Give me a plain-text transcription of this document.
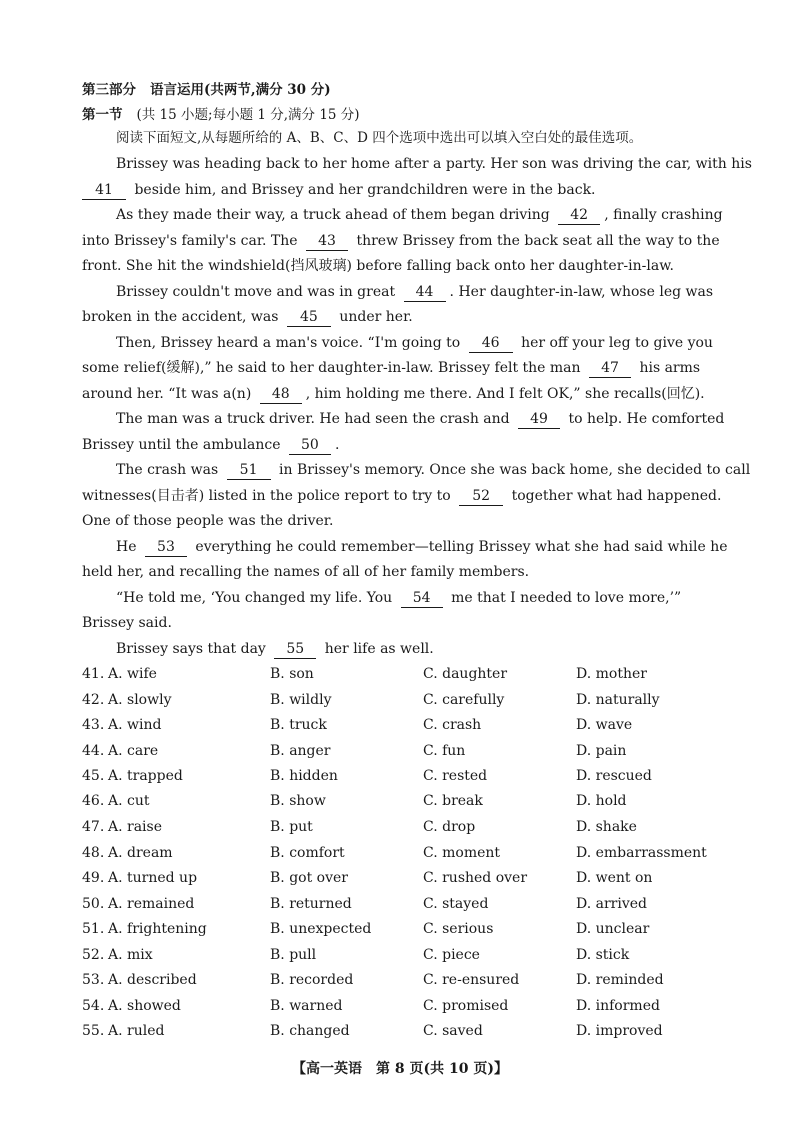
第三部分 语言运用(共两节,满分 30 分)
第一节 (共 15 小题;每小题 1 分,满分 15 分)
阅读下面短文,从每题所给的 A、B、C、D 四个选项中选出可以填入空白处的最佳选项。
Brissey was heading back to her home after a party. Her son was driving the car, with his
41 beside him, and Brissey and her grandchildren were in the back.
As they made their way, a truck ahead of them began driving 42 , finally crashing
into Brissey's family's car. The 43 threw Brissey from the back seat all the way to the
front. She hit the windshield(挡风玻璃) before falling back onto her daughter-in-law.
Brissey couldn't move and was in great 44 . Her daughter-in-law, whose leg was
broken in the accident, was 45 under her.
Then, Brissey heard a man's voice. “I'm going to 46 her off your leg to give you
some relief(缓解),” he said to her daughter-in-law. Brissey felt the man 47 his arms
around her. “It was a(n) 48 , him holding me there. And I felt OK,” she recalls(回忆).
The man was a truck driver. He had seen the crash and 49 to help. He comforted
Brissey until the ambulance 50 .
The crash was 51 in Brissey's memory. Once she was back home, she decided to call
witnesses(目击者) listed in the police report to try to 52 together what had happened.
One of those people was the driver.
He 53 everything he could remember—telling Brissey what she had said while he
held her, and recalling the names of all of her family members.
“He told me, ‘You changed my life. You 54 me that I needed to love more,’”
Brissey said.
Brissey says that day 55 her life as well.
41. A. wife	B. son	C. daughter	D. mother
42. A. slowly	B. wildly	C. carefully	D. naturally
43. A. wind	B. truck	C. crash	D. wave
44. A. care	B. anger	C. fun	D. pain
45. A. trapped	B. hidden	C. rested	D. rescued
46. A. cut	B. show	C. break	D. hold
47. A. raise	B. put	C. drop	D. shake
48. A. dream	B. comfort	C. moment	D. embarrassment
49. A. turned up	B. got over	C. rushed over	D. went on
50. A. remained	B. returned	C. stayed	D. arrived
51. A. frightening	B. unexpected	C. serious	D. unclear
52. A. mix	B. pull	C. piece	D. stick
53. A. described	B. recorded	C. re-ensured	D. reminded
54. A. showed	B. warned	C. promised	D. informed
55. A. ruled	B. changed	C. saved	D. improved
【高一英语　第 8 页(共 10 页)】
